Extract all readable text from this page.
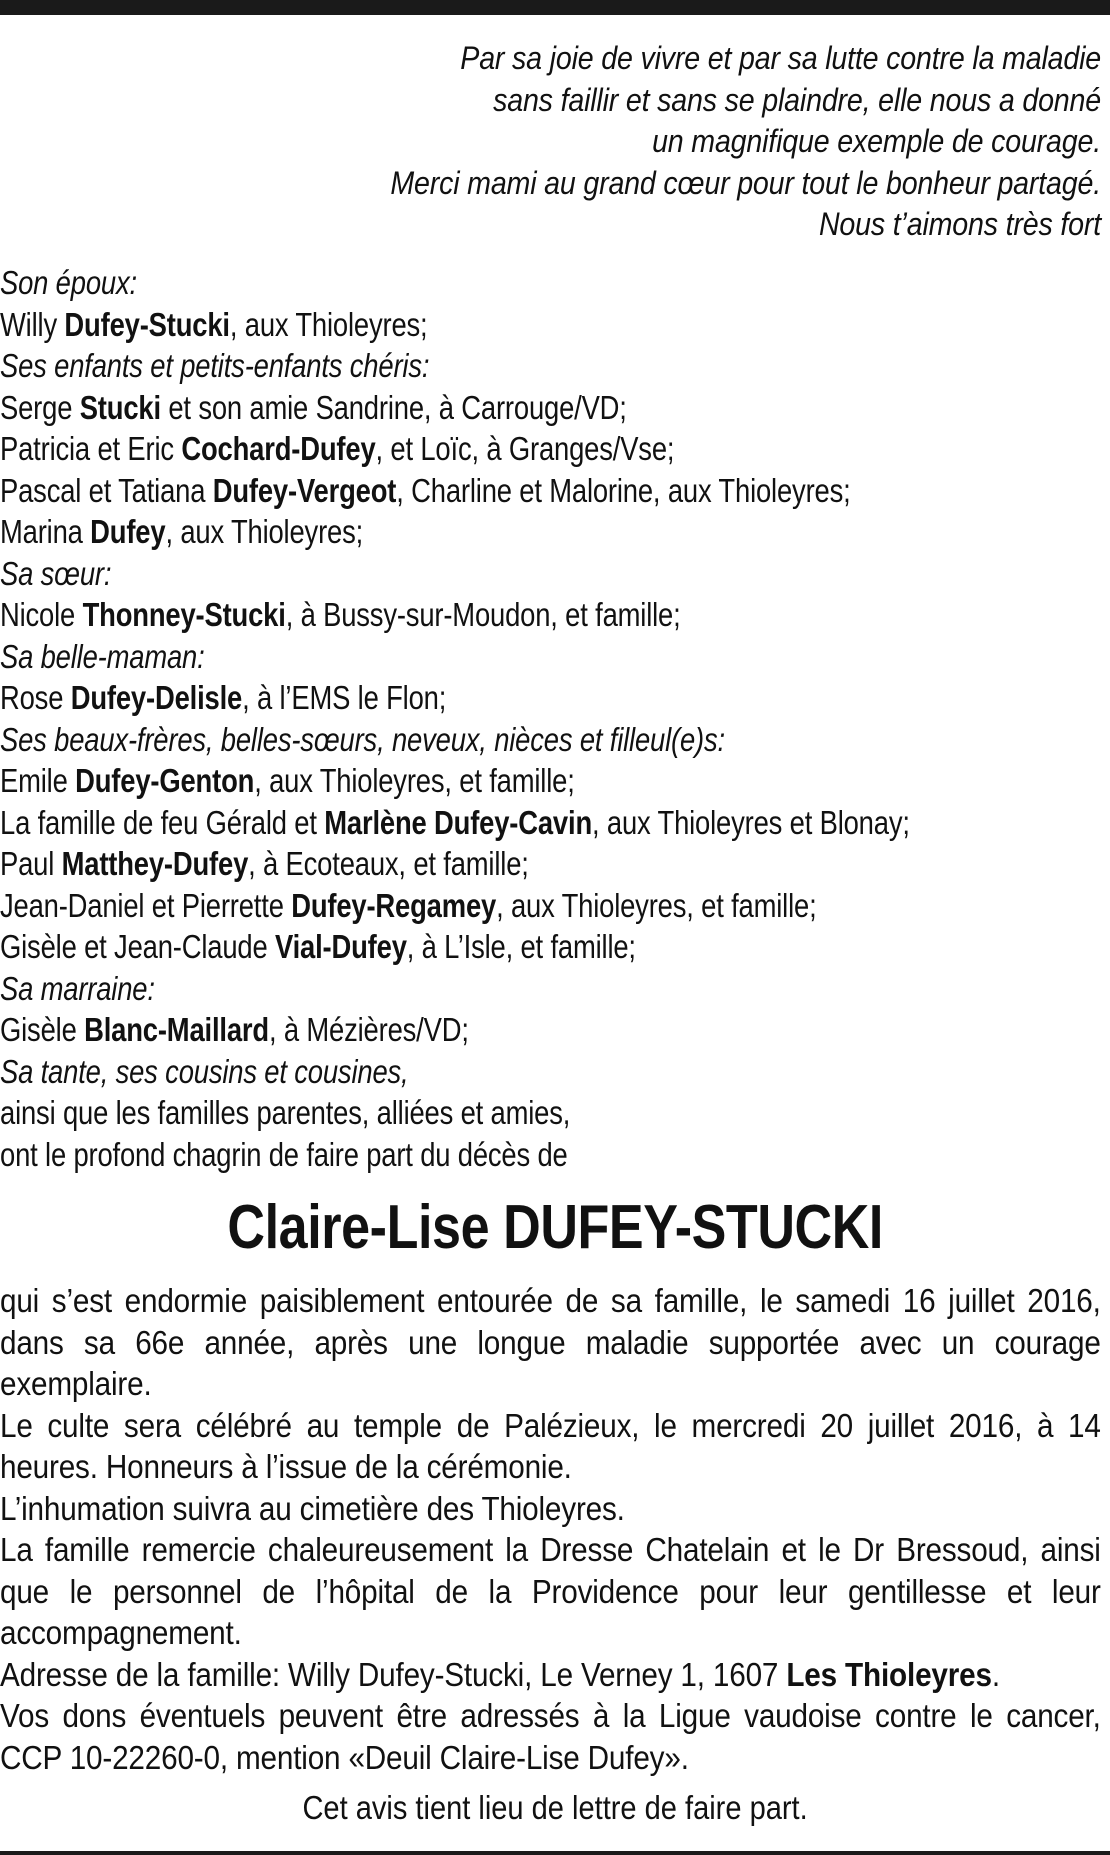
Par sa joie de vivre et par sa lutte contre la maladie
sans faillir et sans se plaindre, elle nous a donné
un magnifique exemple de courage.
Merci mami au grand cœur pour tout le bonheur partagé.
Nous t’aimons très fort
Son époux:
Willy Dufey-Stucki, aux Thioleyres;
Ses enfants et petits-enfants chéris:
Serge Stucki et son amie Sandrine, à Carrouge/VD;
Patricia et Eric Cochard-Dufey, et Loïc, à Granges/Vse;
Pascal et Tatiana Dufey-Vergeot, Charline et Malorine, aux Thioleyres;
Marina Dufey, aux Thioleyres;
Sa sœur:
Nicole Thonney-Stucki, à Bussy-sur-Moudon, et famille;
Sa belle-maman:
Rose Dufey-Delisle, à l’EMS le Flon;
Ses beaux-frères, belles-sœurs, neveux, nièces et filleul(e)s:
Emile Dufey-Genton, aux Thioleyres, et famille;
La famille de feu Gérald et Marlène Dufey-Cavin, aux Thioleyres et Blonay;
Paul Matthey-Dufey, à Ecoteaux, et famille;
Jean-Daniel et Pierrette Dufey-Regamey, aux Thioleyres, et famille;
Gisèle et Jean-Claude Vial-Dufey, à L’Isle, et famille;
Sa marraine:
Gisèle Blanc-Maillard, à Mézières/VD;
Sa tante, ses cousins et cousines,
ainsi que les familles parentes, alliées et amies,
ont le profond chagrin de faire part du décès de
Claire-Lise DUFEY-STUCKI

qui s’est endormie paisiblement entourée de sa famille, le samedi 16 juillet 2016, dans sa 66e année, après une longue maladie supportée avec un courage exemplaire.

Le culte sera célébré au temple de Palézieux, le mercredi 20 juillet 2016, à 14 heures. Honneurs à l’issue de la cérémonie.

L’inhumation suivra au cimetière des Thioleyres.

La famille remercie chaleureusement la Dresse Chatelain et le Dr Bressoud, ainsi que le personnel de l’hôpital de la Providence pour leur gentillesse et leur accompagnement.

Adresse de la famille: Willy Dufey-Stucki, Le Verney 1, 1607 Les Thioleyres.

Vos dons éventuels peuvent être adressés à la Ligue vaudoise contre le cancer, CCP 10-22260-0, mention «Deuil Claire-Lise Dufey».

Cet avis tient lieu de lettre de faire part.
